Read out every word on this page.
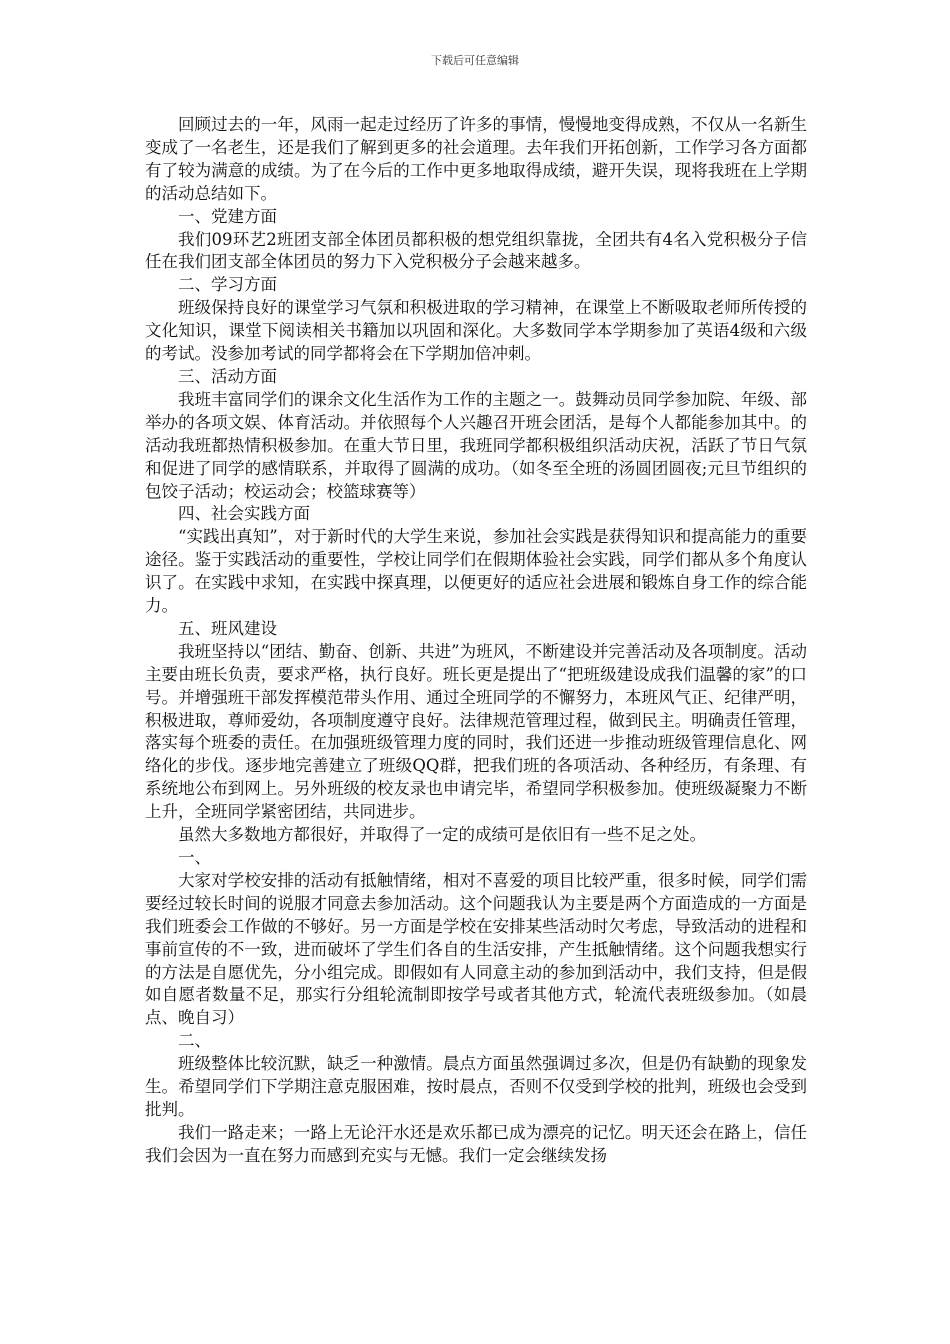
下载后可任意编辑

回顾过去的一年，风雨一起走过经历了许多的事情，慢慢地变得成熟，不仅从一名新生变成了一名老生，还是我们了解到更多的社会道理。去年我们开拓创新，工作学习各方面都有了较为满意的成绩。为了在今后的工作中更多地取得成绩，避开失误，现将我班在上学期的活动总结如下。

一、党建方面

我们09环艺2班团支部全体团员都积极的想党组织靠拢，全团共有4名入党积极分子信任在我们团支部全体团员的努力下入党积极分子会越来越多。

二、学习方面

班级保持良好的课堂学习气氛和积极进取的学习精神，在课堂上不断吸取老师所传授的文化知识，课堂下阅读相关书籍加以巩固和深化。大多数同学本学期参加了英语4级和六级的考试。没参加考试的同学都将会在下学期加倍冲刺。

三、活动方面

我班丰富同学们的课余文化生活作为工作的主题之一。鼓舞动员同学参加院、年级、部举办的各项文娱、体育活动。并依照每个人兴趣召开班会团活，是每个人都能参加其中。的活动我班都热情积极参加。在重大节日里，我班同学都积极组织活动庆祝，活跃了节日气氛和促进了同学的感情联系，并取得了圆满的成功。（如冬至全班的汤圆团圆夜;元旦节组织的包饺子活动；校运动会；校篮球赛等）

四、社会实践方面

“实践出真知”，对于新时代的大学生来说，参加社会实践是获得知识和提高能力的重要途径。鉴于实践活动的重要性，学校让同学们在假期体验社会实践，同学们都从多个角度认识了。在实践中求知，在实践中探真理，以便更好的适应社会进展和锻炼自身工作的综合能力。

五、班风建设

我班坚持以“团结、勤奋、创新、共进”为班风，不断建设并完善活动及各项制度。活动主要由班长负责，要求严格，执行良好。班长更是提出了“把班级建设成我们温馨的家”的口号。并增强班干部发挥模范带头作用、通过全班同学的不懈努力，本班风气正、纪律严明，积极进取，尊师爱幼，各项制度遵守良好。法律规范管理过程，做到民主。明确责任管理，落实每个班委的责任。在加强班级管理力度的同时，我们还进一步推动班级管理信息化、网络化的步伐。逐步地完善建立了班级QQ群，把我们班的各项活动、各种经历，有条理、有系统地公布到网上。另外班级的校友录也申请完毕，希望同学积极参加。使班级凝聚力不断上升，全班同学紧密团结，共同进步。

虽然大多数地方都很好，并取得了一定的成绩可是依旧有一些不足之处。

一、

大家对学校安排的活动有抵触情绪，相对不喜爱的项目比较严重，很多时候，同学们需要经过较长时间的说服才同意去参加活动。这个问题我认为主要是两个方面造成的一方面是我们班委会工作做的不够好。另一方面是学校在安排某些活动时欠考虑，导致活动的进程和事前宣传的不一致，进而破坏了学生们各自的生活安排，产生抵触情绪。这个问题我想实行的方法是自愿优先，分小组完成。即假如有人同意主动的参加到活动中，我们支持，但是假如自愿者数量不足，那实行分组轮流制即按学号或者其他方式，轮流代表班级参加。（如晨点、晚自习）

二、

班级整体比较沉默，缺乏一种激情。晨点方面虽然强调过多次，但是仍有缺勤的现象发生。希望同学们下学期注意克服困难，按时晨点，否则不仅受到学校的批判，班级也会受到批判。

我们一路走来；一路上无论汗水还是欢乐都已成为漂亮的记忆。明天还会在路上，信任我们会因为一直在努力而感到充实与无憾。我们一定会继续发扬
